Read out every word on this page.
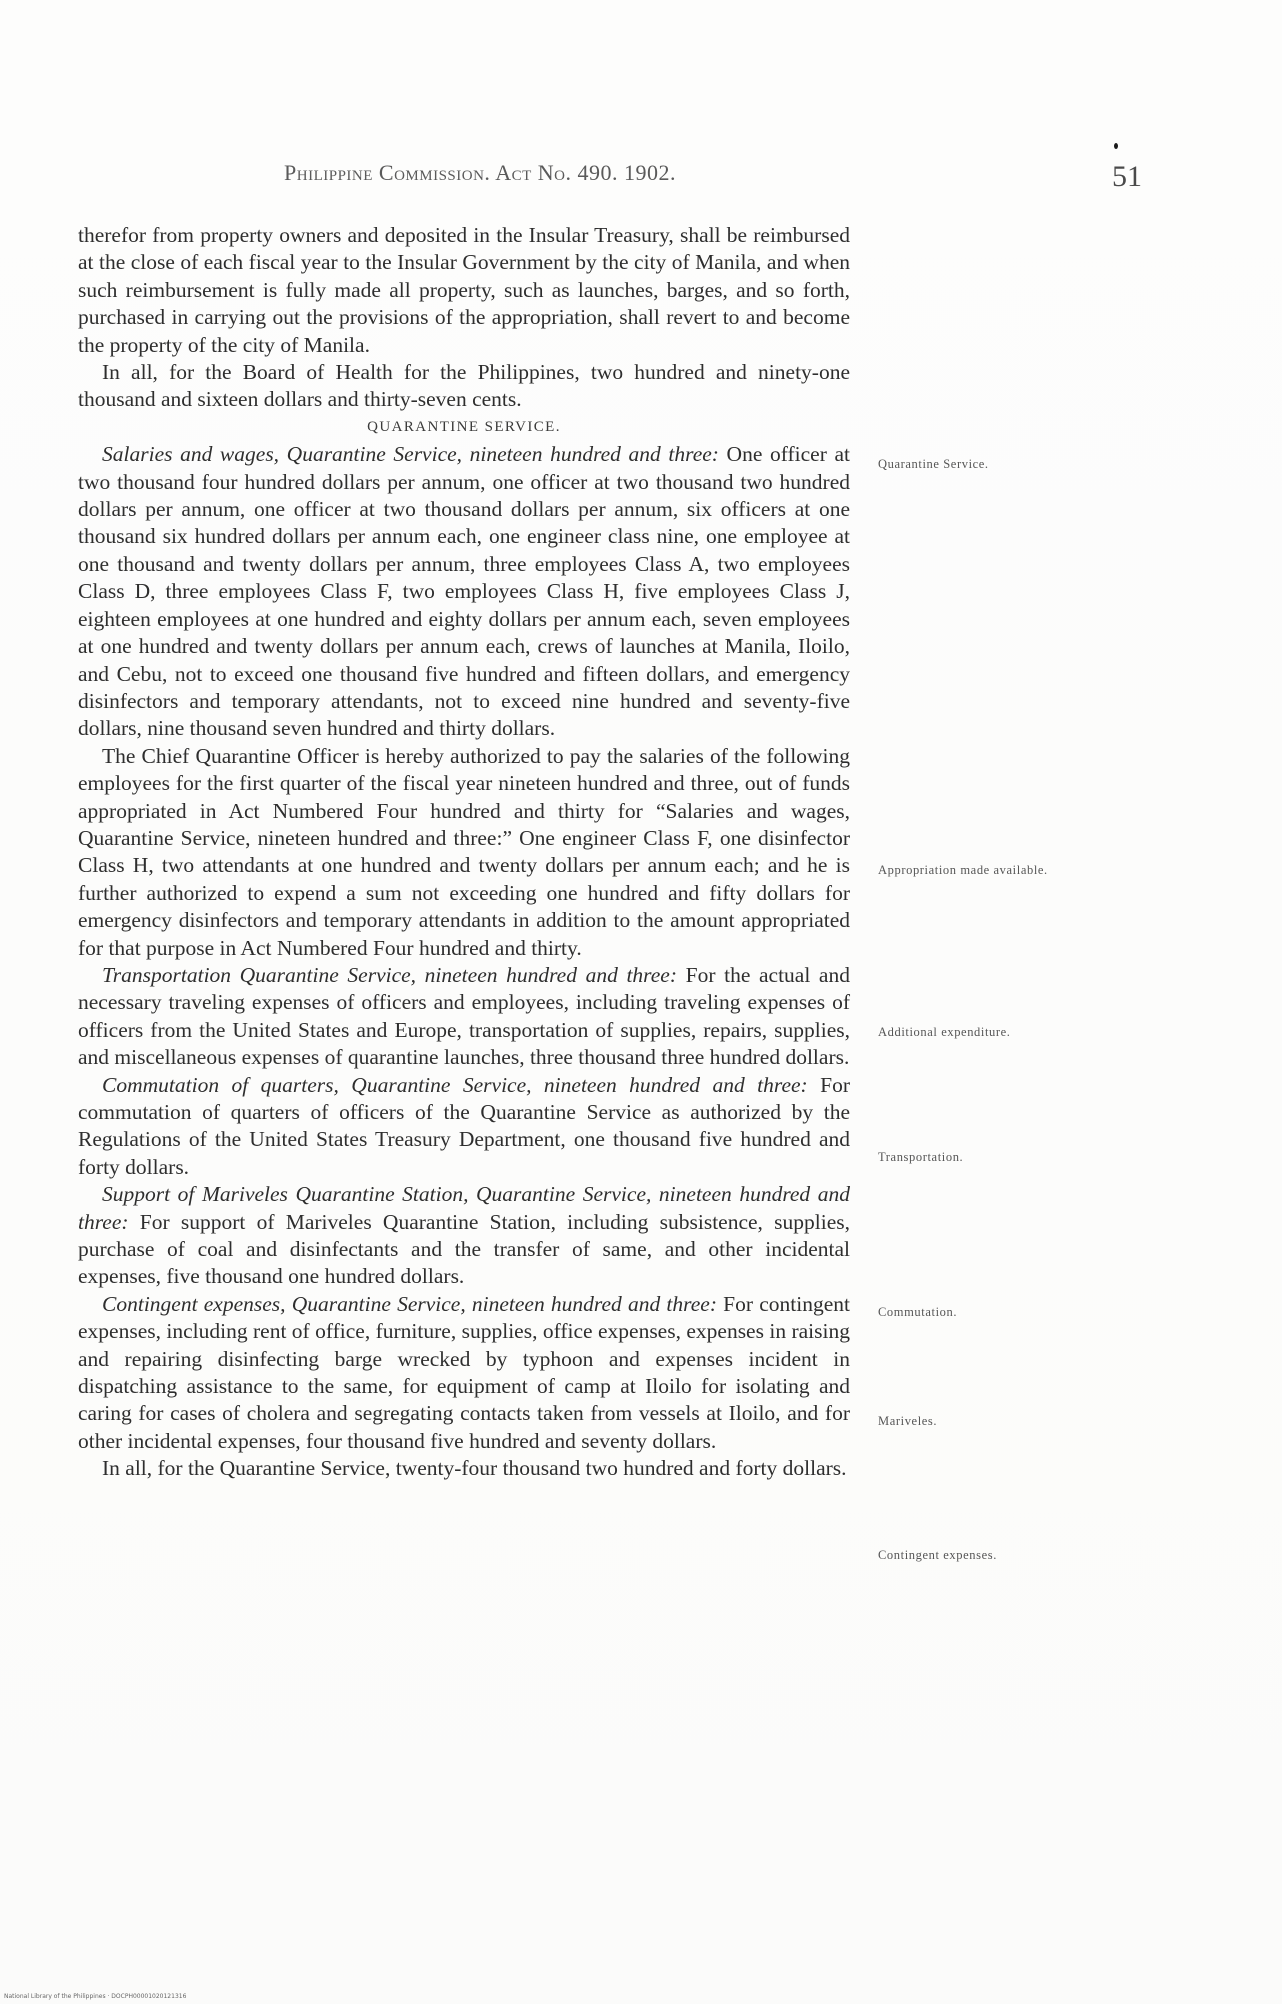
Philippine Commission. Act No. 490. 1902.	51

therefor from property owners and deposited in the Insular Treasury, shall be reimbursed at the close of each fiscal year to the Insular Government by the city of Manila, and when such reimbursement is fully made all property, such as launches, barges, and so forth, purchased in carrying out the provisions of the appropriation, shall revert to and become the property of the city of Manila.

In all, for the Board of Health for the Philippines, two hundred and ninety-one thousand and sixteen dollars and thirty-seven cents.

QUARANTINE SERVICE.

Salaries and wages, Quarantine Service, nineteen hundred and three: One officer at two thousand four hundred dollars per annum, one officer at two thousand two hundred dollars per annum, one officer at two thousand dollars per annum, six officers at one thousand six hundred dollars per annum each, one engineer class nine, one employee at one thousand and twenty dollars per annum, three employees Class A, two employees Class D, three employees Class F, two employees Class H, five employees Class J, eighteen employees at one hundred and eighty dollars per annum each, seven employees at one hundred and twenty dollars per annum each, crews of launches at Manila, Iloilo, and Cebu, not to exceed one thousand five hundred and fifteen dollars, and emergency disinfectors and temporary attendants, not to exceed nine hundred and seventy-five dollars, nine thousand seven hundred and thirty dollars.

The Chief Quarantine Officer is hereby authorized to pay the salaries of the following employees for the first quarter of the fiscal year nineteen hundred and three, out of funds appropriated in Act Numbered Four hundred and thirty for “Salaries and wages, Quarantine Service, nineteen hundred and three:” One engineer Class F, one disinfector Class H, two attendants at one hundred and twenty dollars per annum each; and he is further authorized to expend a sum not exceeding one hundred and fifty dollars for emergency disinfectors and temporary attendants in addition to the amount appropriated for that purpose in Act Numbered Four hundred and thirty.

Transportation Quarantine Service, nineteen hundred and three: For the actual and necessary traveling expenses of officers and employees, including traveling expenses of officers from the United States and Europe, transportation of supplies, repairs, supplies, and miscellaneous expenses of quarantine launches, three thousand three hundred dollars.

Commutation of quarters, Quarantine Service, nineteen hundred and three: For commutation of quarters of officers of the Quarantine Service as authorized by the Regulations of the United States Treasury Department, one thousand five hundred and forty dollars.

Support of Mariveles Quarantine Station, Quarantine Service, nineteen hundred and three: For support of Mariveles Quarantine Station, including subsistence, supplies, purchase of coal and disinfectants and the transfer of same, and other incidental expenses, five thousand one hundred dollars.

Contingent expenses, Quarantine Service, nineteen hundred and three: For contingent expenses, including rent of office, furniture, supplies, office expenses, expenses in raising and repairing disinfecting barge wrecked by typhoon and expenses incident in dispatching assistance to the same, for equipment of camp at Iloilo for isolating and caring for cases of cholera and segregating contacts taken from vessels at Iloilo, and for other incidental expenses, four thousand five hundred and seventy dollars.

In all, for the Quarantine Service, twenty-four thousand two hundred and forty dollars.

Quarantine Service.
Appropriation made available.
Additional expenditure.
Transportation.
Commutation.
Mariveles.
Contingent expenses.
National Library of the Philippines · DOCPH00001020121316
